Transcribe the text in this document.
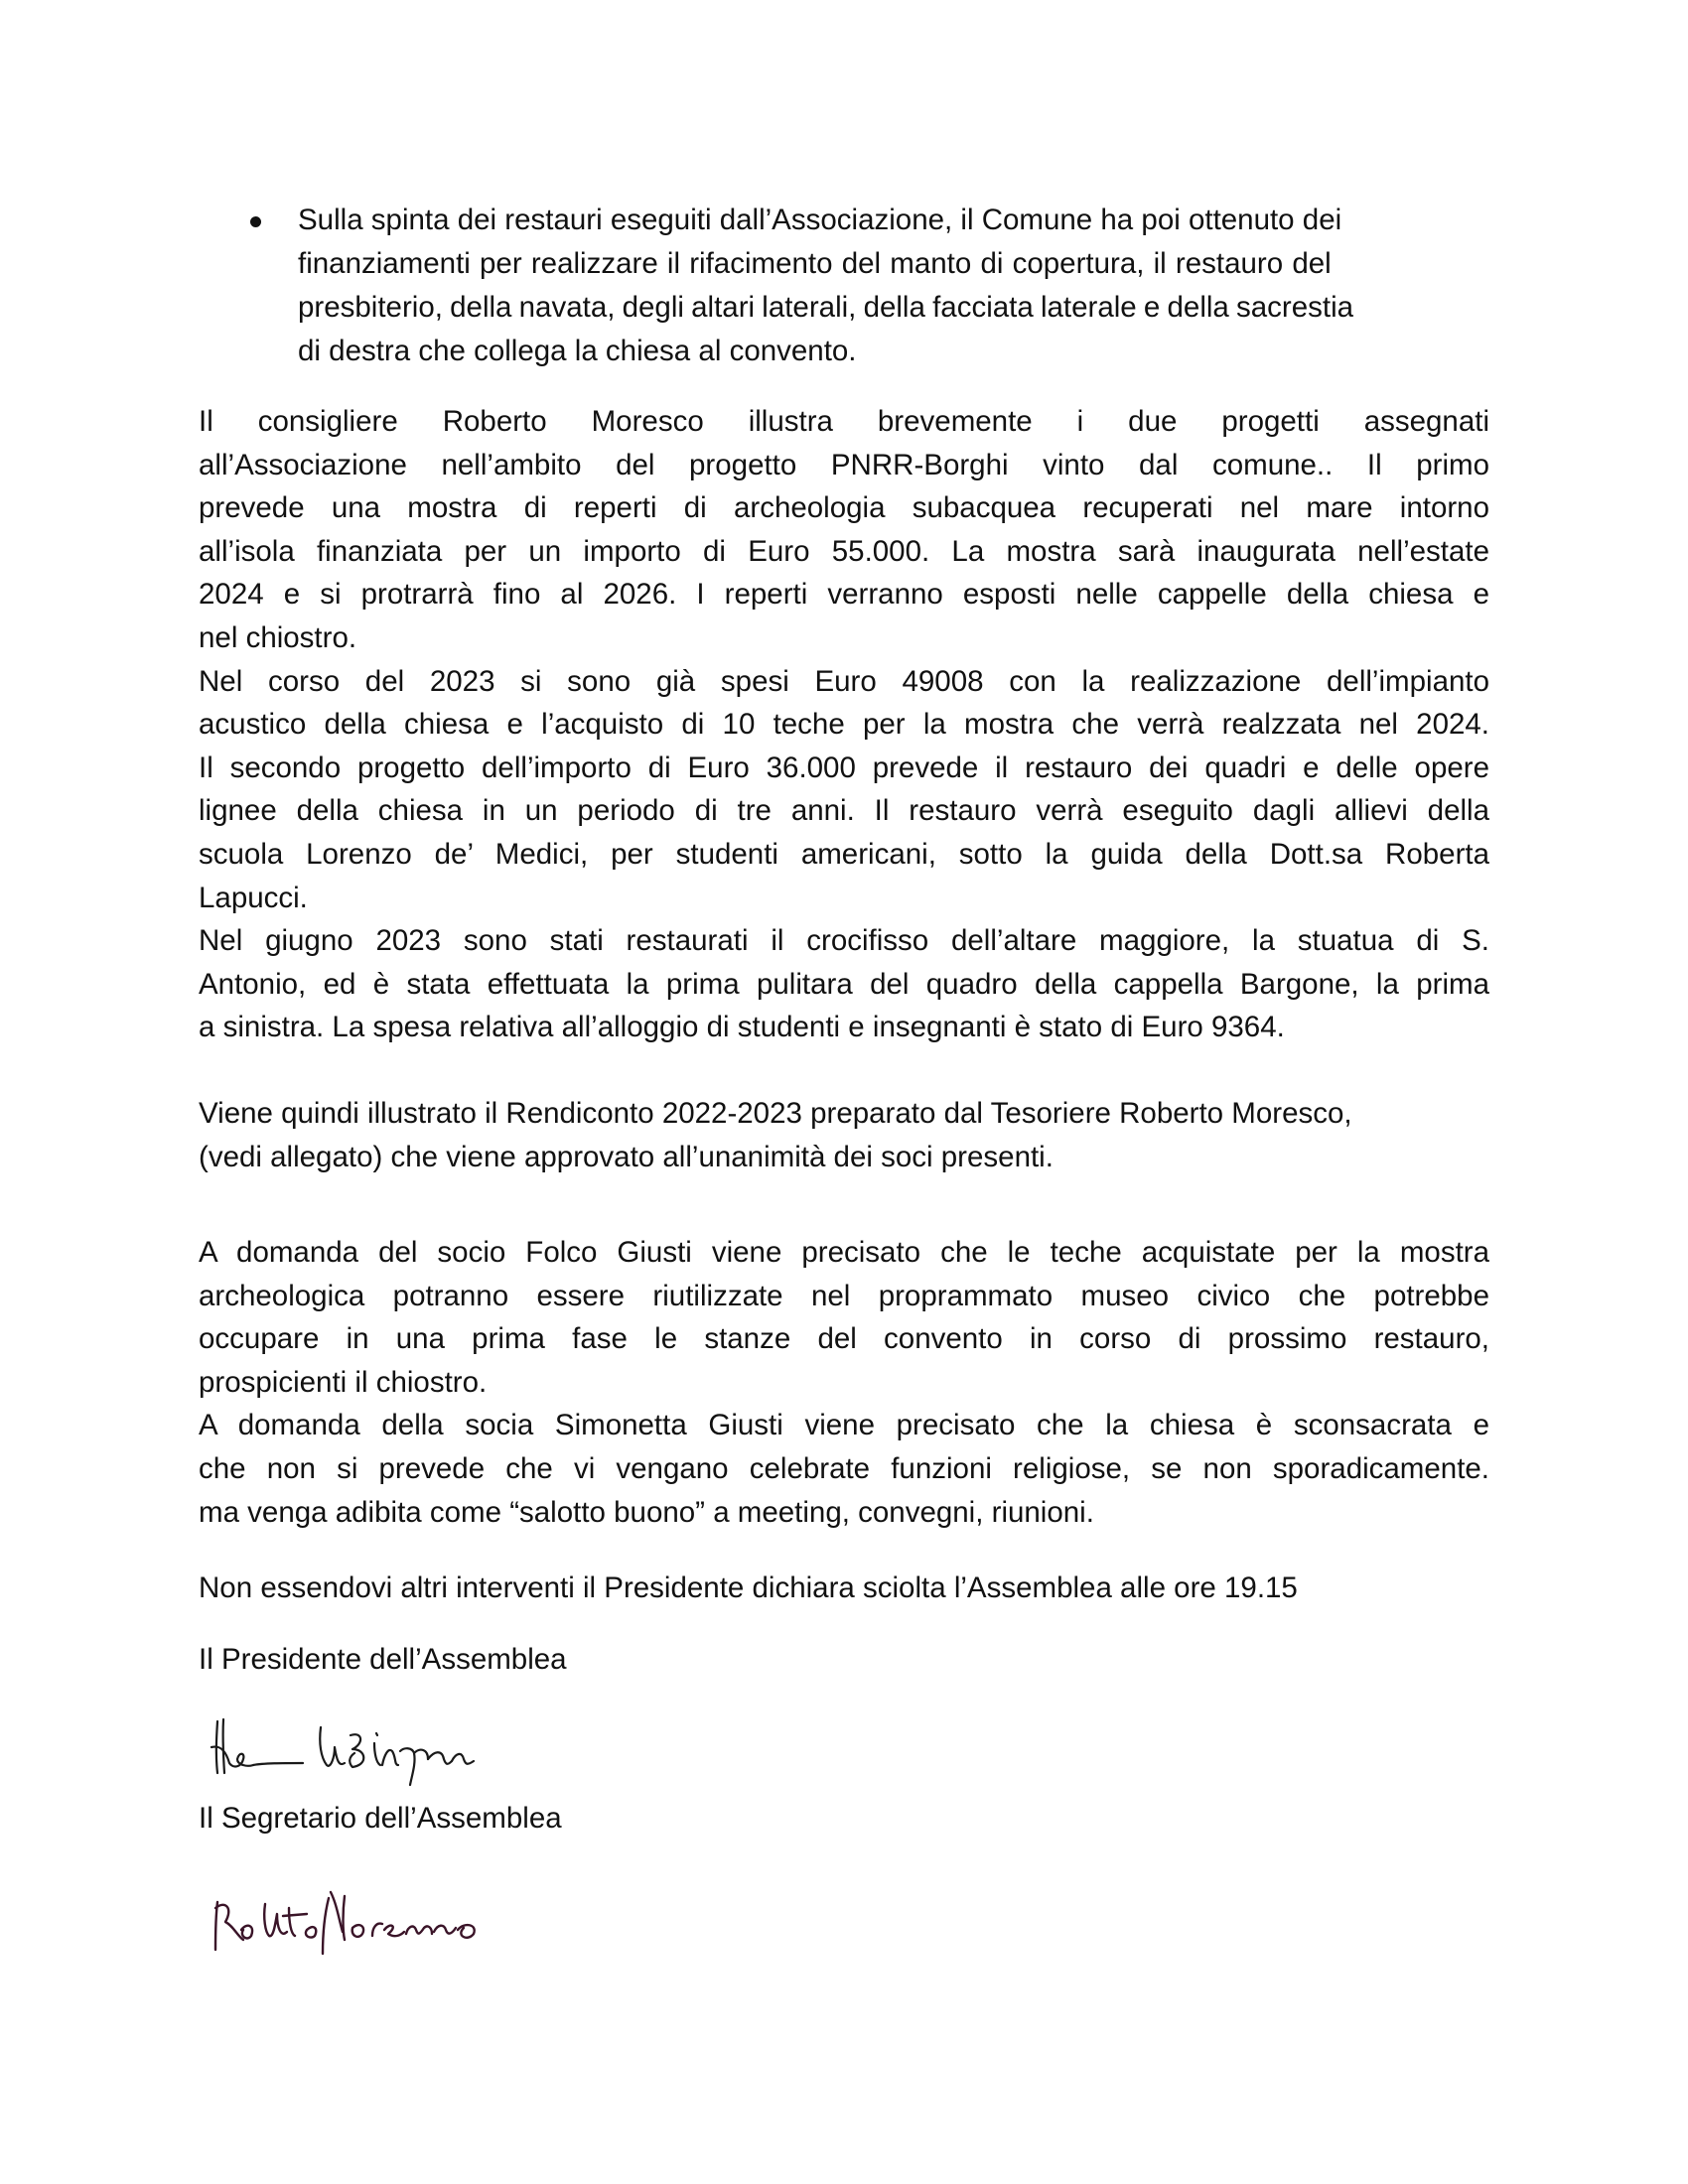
Sulla spinta dei restauri eseguiti dall’Associazione, il Comune ha poi ottenuto dei
finanziamenti per realizzare il rifacimento del manto di copertura, il restauro del
presbiterio, della navata, degli altari laterali, della facciata laterale e della sacrestia
di destra che collega la chiesa al convento.
Il consigliere Roberto Moresco illustra brevemente i due progetti assegnati
all’Associazione nell’ambito del progetto PNRR-Borghi vinto dal comune.. Il primo
prevede una mostra di reperti di archeologia subacquea recuperati nel mare intorno
all’isola finanziata per un importo di Euro 55.000. La mostra sarà inaugurata nell’estate
2024 e si protrarrà fino al 2026. I reperti verranno esposti nelle cappelle della chiesa e
nel chiostro.
Nel corso del 2023 si sono già spesi Euro 49008 con la realizzazione dell’impianto
acustico della chiesa e l’acquisto di 10 teche per la mostra che verrà realzzata nel 2024.
Il secondo progetto dell’importo di Euro 36.000 prevede il restauro dei quadri e delle opere
lignee della chiesa in un periodo di tre anni. Il restauro verrà eseguito dagli allievi della
scuola Lorenzo de’ Medici, per studenti americani, sotto la guida della Dott.sa Roberta
Lapucci.
Nel giugno 2023 sono stati restaurati il crocifisso dell’altare maggiore, la stuatua di S.
Antonio, ed è stata effettuata la prima pulitara del quadro della cappella Bargone, la prima
a sinistra. La spesa relativa all’alloggio di studenti e insegnanti è stato di Euro 9364.
Viene quindi illustrato il Rendiconto 2022-2023 preparato dal Tesoriere Roberto Moresco,
(vedi allegato) che viene approvato all’unanimità dei soci presenti.
A domanda del socio Folco Giusti viene precisato che le teche acquistate per la mostra
archeologica potranno essere riutilizzate nel proprammato museo civico che potrebbe
occupare in una prima fase le stanze del convento in corso di prossimo restauro,
prospicienti il chiostro.
A domanda della socia Simonetta Giusti viene precisato che la chiesa è sconsacrata e
che non si prevede che vi vengano celebrate funzioni religiose, se non sporadicamente.
ma venga adibita come “salotto buono” a meeting, convegni, riunioni.
Non essendovi altri interventi il Presidente dichiara sciolta l’Assemblea alle ore 19.15
Il Presidente dell’Assemblea
Il Segretario dell’Assemblea
